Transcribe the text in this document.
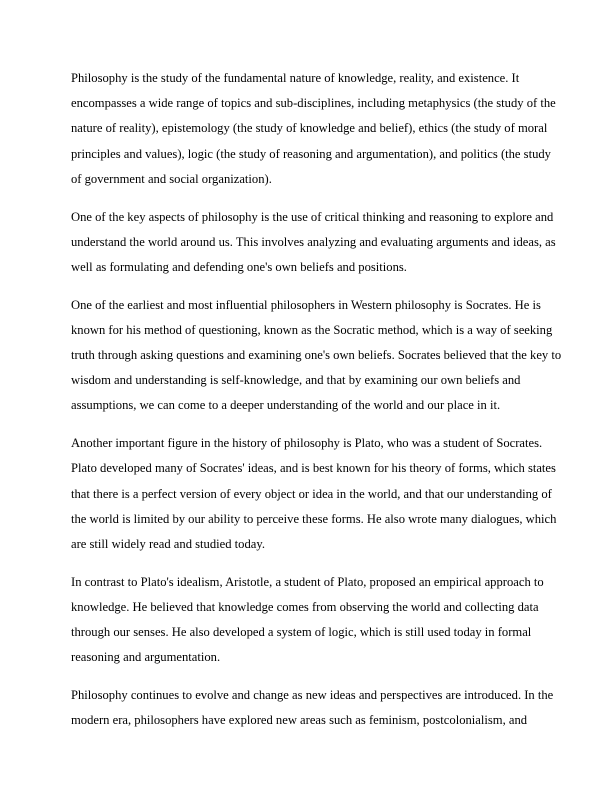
Philosophy is the study of the fundamental nature of knowledge, reality, and existence. It
encompasses a wide range of topics and sub-disciplines, including metaphysics (the study of the
nature of reality), epistemology (the study of knowledge and belief), ethics (the study of moral
principles and values), logic (the study of reasoning and argumentation), and politics (the study
of government and social organization).

One of the key aspects of philosophy is the use of critical thinking and reasoning to explore and
understand the world around us. This involves analyzing and evaluating arguments and ideas, as
well as formulating and defending one's own beliefs and positions.

One of the earliest and most influential philosophers in Western philosophy is Socrates. He is
known for his method of questioning, known as the Socratic method, which is a way of seeking
truth through asking questions and examining one's own beliefs. Socrates believed that the key to
wisdom and understanding is self-knowledge, and that by examining our own beliefs and
assumptions, we can come to a deeper understanding of the world and our place in it.

Another important figure in the history of philosophy is Plato, who was a student of Socrates.
Plato developed many of Socrates' ideas, and is best known for his theory of forms, which states
that there is a perfect version of every object or idea in the world, and that our understanding of
the world is limited by our ability to perceive these forms. He also wrote many dialogues, which
are still widely read and studied today.

In contrast to Plato's idealism, Aristotle, a student of Plato, proposed an empirical approach to
knowledge. He believed that knowledge comes from observing the world and collecting data
through our senses. He also developed a system of logic, which is still used today in formal
reasoning and argumentation.

Philosophy continues to evolve and change as new ideas and perspectives are introduced. In the
modern era, philosophers have explored new areas such as feminism, postcolonialism, and
